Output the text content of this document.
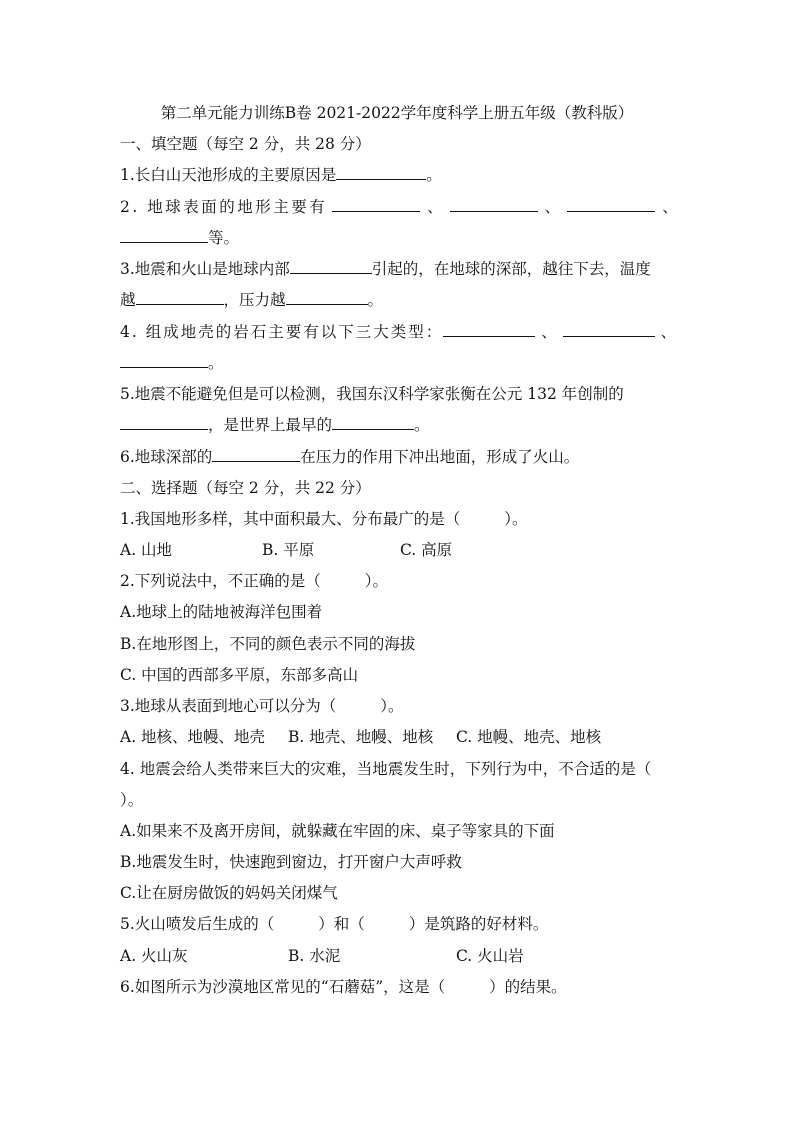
第二单元能力训练B卷 2021-2022学年度科学上册五年级（教科版）
一、填空题（每空 2 分，共 28 分）
1.长白山天池形成的主要原因是	。
2. 地球表面的地形主要有	、	、	、
等。
3.地震和火山是地球内部	引起的，在地球的深部，越往下去，温度
越	，压力越	。
4. 组成地壳的岩石主要有以下三大类型：	、	、
。
5.地震不能避免但是可以检测，我国东汉科学家张衡在公元 132 年创制的
，是世界上最早的	。
6.地球深部的	在压力的作用下冲出地面，形成了火山。
二、选择题（每空 2 分，共 22 分）
1.我国地形多样，其中面积最大、分布最广的是（	）。
A. 山地	B. 平原	C. 高原
2.下列说法中，不正确的是（	）。
A.地球上的陆地被海洋包围着
B.在地形图上，不同的颜色表示不同的海拔
C. 中国的西部多平原，东部多高山
3.地球从表面到地心可以分为（	）。
A. 地核、地幔、地壳 B. 地壳、地幔、地核 C. 地幔、地壳、地核
4. 地震会给人类带来巨大的灾难，当地震发生时，下列行为中，不合适的是（
）。
A.如果来不及离开房间，就躲藏在牢固的床、桌子等家具的下面
B.地震发生时，快速跑到窗边，打开窗户大声呼救
C.让在厨房做饭的妈妈关闭煤气
5.火山喷发后生成的（	）和（	）是筑路的好材料。
A. 火山灰	B. 水泥	C. 火山岩
6.如图所示为沙漠地区常见的“石蘑菇”，这是（	）的结果。
